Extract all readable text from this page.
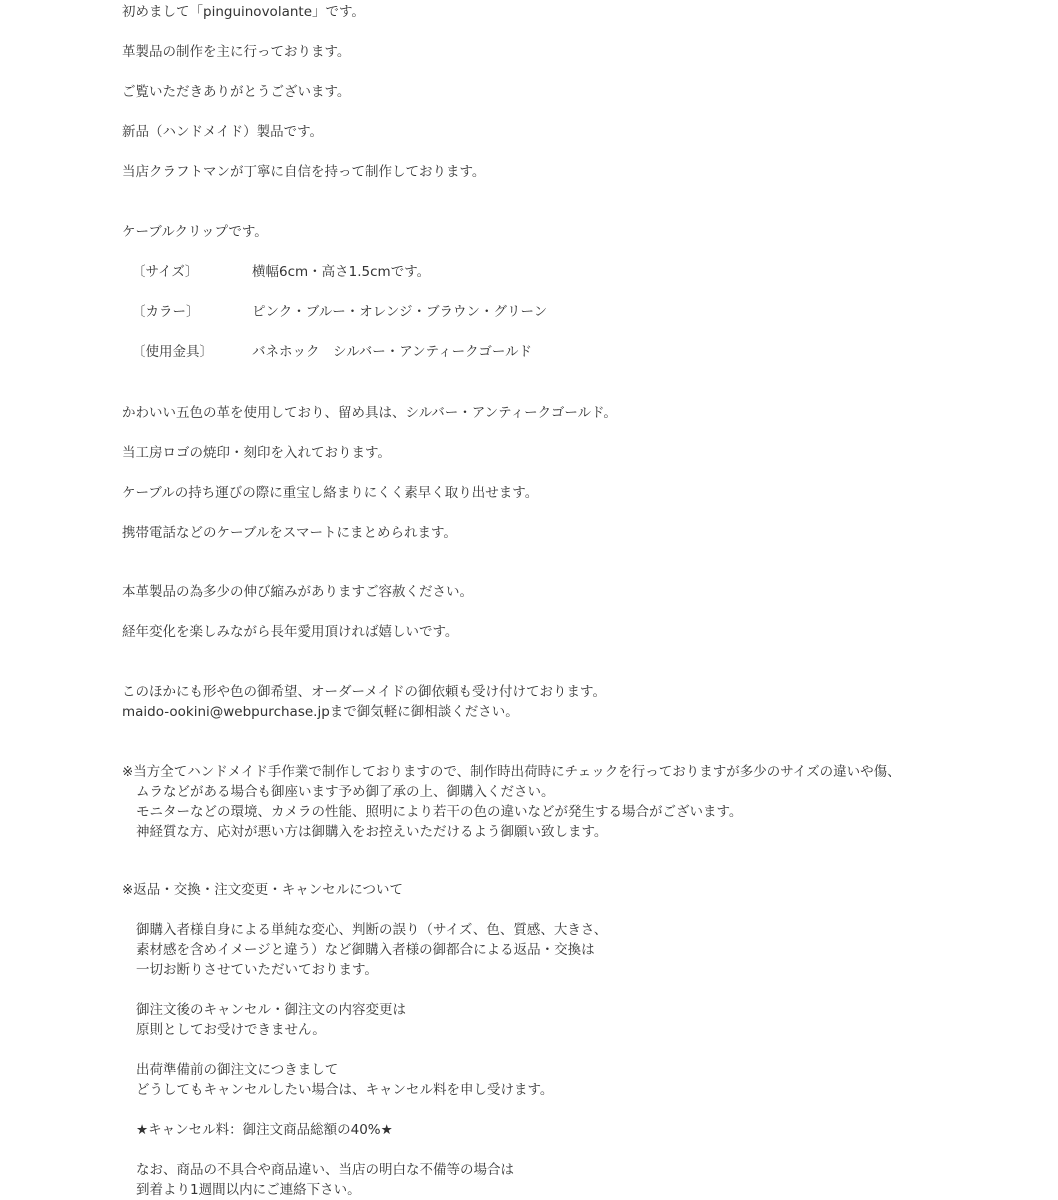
初めまして「pinguinovolante」です。
革製品の制作を主に行っております。
ご覧いただきありがとうございます。
新品（ハンドメイド）製品です。
当店クラフトマンが丁寧に自信を持って制作しております。
ケーブルクリップです。
〔サイズ〕	横幅6cm・高さ1.5cmです。
〔カラー〕	ピンク・ブルー・オレンジ・ブラウン・グリーン
〔使用金具〕	バネホック　シルバー・アンティークゴールド
かわいい五色の革を使用しており、留め具は、シルバー・アンティークゴールド。
当工房ロゴの焼印・刻印を入れております。
ケーブルの持ち運びの際に重宝し絡まりにくく素早く取り出せます。
携帯電話などのケーブルをスマートにまとめられます。
本革製品の為多少の伸び縮みがありますご容赦ください。
経年変化を楽しみながら長年愛用頂ければ嬉しいです。
このほかにも形や色の御希望、オーダーメイドの御依頼も受け付けております。
maido-ookini@webpurchase.jpまで御気軽に御相談ください。
※当方全てハンドメイド手作業で制作しておりますので、制作時出荷時にチェックを行っておりますが多少のサイズの違いや傷、
ムラなどがある場合も御座います予め御了承の上、御購入ください。
モニターなどの環境、カメラの性能、照明により若干の色の違いなどが発生する場合がございます。
神経質な方、応対が悪い方は御購入をお控えいただけるよう御願い致します。
※返品・交換・注文変更・キャンセルについて
御購入者様自身による単純な変心、判断の誤り（サイズ、色、質感、大きさ、
素材感を含めイメージと違う）など御購入者様の御都合による返品・交換は
一切お断りさせていただいております。
御注文後のキャンセル・御注文の内容変更は
原則としてお受けできません。
出荷準備前の御注文につきまして
どうしてもキャンセルしたい場合は、キャンセル料を申し受けます。
★キャンセル料：御注文商品総額の40%★
なお、商品の不具合や商品違い、当店の明白な不備等の場合は
到着より1週間以内にご連絡下さい。
